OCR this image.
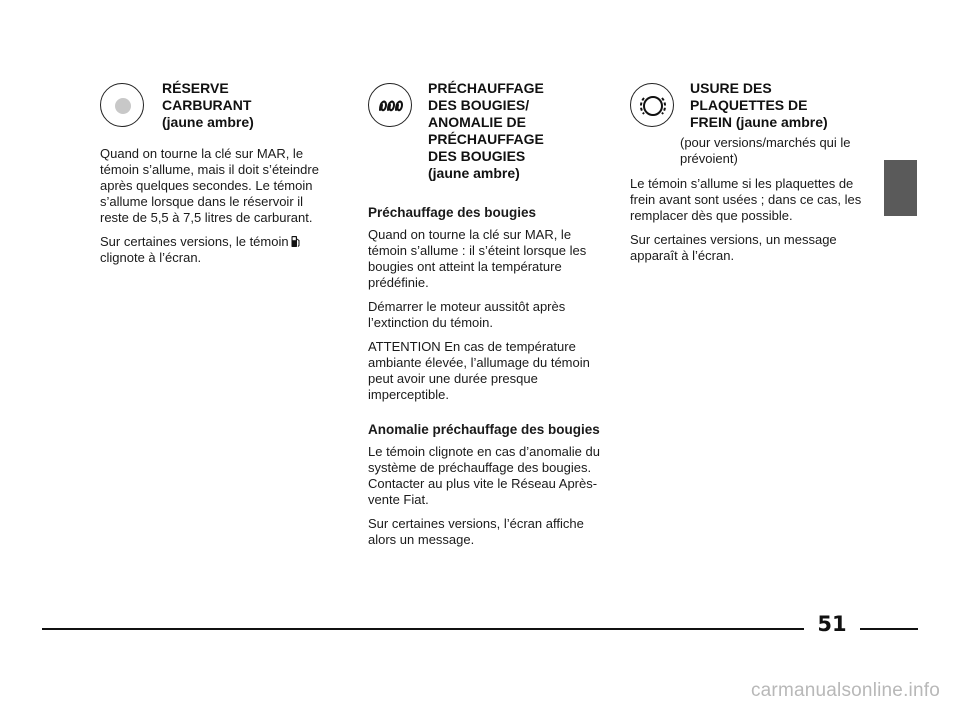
RÉSERVE
CARBURANT
(jaune ambre)

Quand on tourne la clé sur MAR, le témoin s’allume, mais il doit s’éteindre après quelques secondes. Le témoin s’allume lorsque dans le réservoir il reste de 5,5 à 7,5 litres de carburant.

Sur certaines versions, le témoin
clignote à l’écran.

PRÉCHAUFFAGE
DES BOUGIES/
ANOMALIE DE
PRÉCHAUFFAGE
DES BOUGIES
(jaune ambre)
Préchauffage des bougies

Quand on tourne la clé sur MAR, le témoin s’allume : il s’éteint lorsque les bougies ont atteint la température prédéfinie.

Démarrer le moteur aussitôt après l’extinction du témoin.

ATTENTION En cas de température ambiante élevée, l’allumage du témoin peut avoir une durée presque imperceptible.

Anomalie préchauffage des bougies

Le témoin clignote en cas d’anomalie du système de préchauffage des bougies. Contacter au plus vite le Réseau Après-vente Fiat.

Sur certaines versions, l’écran affiche alors un message.

USURE DES
PLAQUETTES DE
FREIN (jaune ambre)

(pour versions/marchés qui le prévoient)

Le témoin s’allume si les plaquettes de frein avant sont usées ; dans ce cas, les remplacer dès que possible.

Sur certaines versions, un message apparaît à l’écran.

51
carmanualsonline.info
